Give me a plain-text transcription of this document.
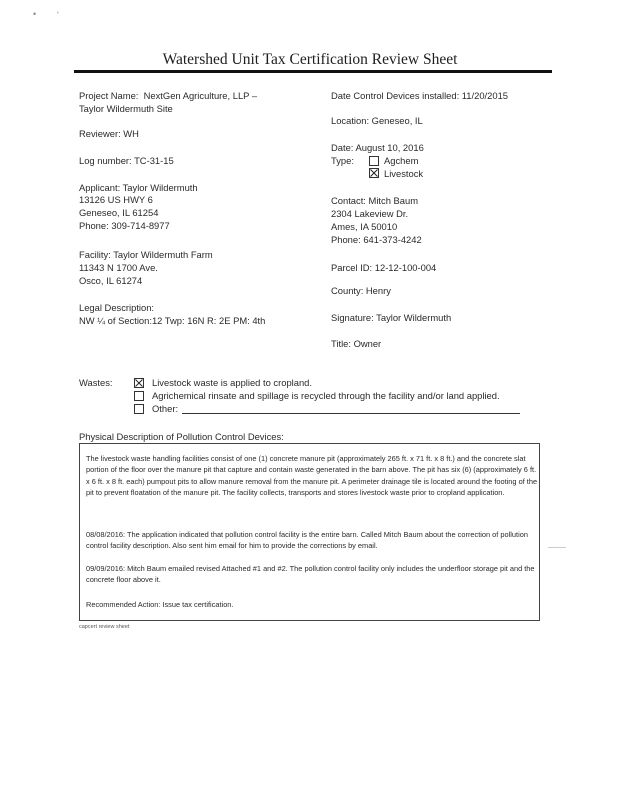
• '
Watershed Unit Tax Certification Review Sheet
Project Name: NextGen Agriculture, LLP –
Taylor Wildermuth Site
Reviewer: WH
Log number: TC-31-15
Applicant: Taylor Wildermuth
13126 US HWY 6
Geneseo, IL 61254
Phone: 309-714-8977
Facility: Taylor Wildermuth Farm
11343 N 1700 Ave.
Osco, IL 61274
Legal Description:
NW ¼ of Section:12 Twp: 16N R: 2E PM: 4th
Date Control Devices installed: 11/20/2015
Location: Geneseo, IL
Date: August 10, 2016
Type:	Agchem
Livestock
Contact: Mitch Baum
2304 Lakeview Dr.
Ames, IA 50010
Phone: 641-373-4242
Parcel ID: 12-12-100-004
County: Henry
Signature: Taylor Wildermuth
Title: Owner
Wastes:	Livestock waste is applied to cropland.
Agrichemical rinsate and spillage is recycled through the facility and/or land applied.
Other:
Physical Description of Pollution Control Devices:
The livestock waste handling facilities consist of one (1) concrete manure pit (approximately 265 ft. x 71 ft. x 8 ft.) and the concrete slat portion of the floor over the manure pit that capture and contain waste generated in the barn above. The pit has six (6) (approximately 6 ft. x 6 ft. x 8 ft. each) pumpout pits to allow manure removal from the manure pit. A perimeter drainage tile is located around the footing of the pit to prevent floatation of the manure pit. The facility collects, transports and stores livestock waste prior to cropland application.
08/08/2016: The application indicated that pollution control facility is the entire barn. Called Mitch Baum about the correction of pollution control facility description. Also sent him email for him to provide the corrections by email.
09/09/2016: Mitch Baum emailed revised Attached #1 and #2. The pollution control facility only includes the underfloor storage pit and the concrete floor above it.
Recommended Action: Issue tax certification.
capcert review sheet
